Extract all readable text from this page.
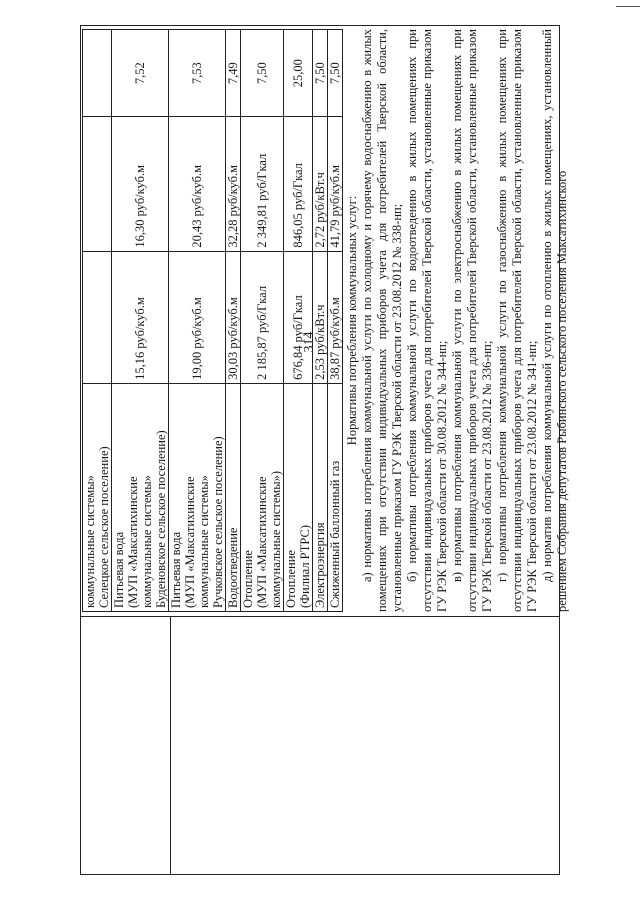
314
коммунальные системы»
Селецкое сельское поселение)			
Питьевая вода
(МУП «Максатихинские
коммунальные системы»
Буденовское сельское поселение)	15,16 руб/куб.м	16,30 руб/куб.м	7,52
Питьевая вода
(МУП «Максатихинские
коммунальные системы»
Ручковское сельское поселение)	19,00 руб/куб.м	20,43 руб/куб.м	7,53
Водоотведение	30,03 руб/куб.м	32,28 руб/куб.м	7,49
Отопление
(МУП «Максатихинские
коммунальные системы»)	2 185,87 руб/Гкал	2 349,81 руб/Гкал	7,50
Отопление
(Филиал РТРС)	676,84 руб/Гкал	846,05 руб/Гкал	25,00
Электроэнергия	2,53 руб/кВт.ч	2,72 руб/кВт.ч	7,50
Сжиженный баллонный газ	38,87 руб/куб.м	41,79 руб/куб.м	7,50
Нормативы потребления коммунальных услуг: а) нормативы потребления коммунальной услуги по холодному и горячему водоснабжению в жилых помещениях при отсутствии индивидуальных приборов учета для потребителей Тверской области, установленные приказом ГУ РЭК Тверской области от 23.08.2012 № 338-нп; б) нормативы потребления коммунальной услуги по водоотведению в жилых помещениях при отсутствии индивидуальных приборов учета для потребителей Тверской области, установленные приказом ГУ РЭК Тверской области от 30.08.2012 № 344-нп; в) нормативы потребления коммунальной услуги по электроснабжению в жилых помещениях при отсутствии индивидуальных приборов учета для потребителей Тверской области, установленные приказом ГУ РЭК Тверской области от 23.08.2012 № 336-нп; г) нормативы потребления коммунальной услуги по газоснабжению в жилых помещениях при отсутствии индивидуальных приборов учета для потребителей Тверской области, установленные приказом ГУ РЭК Тверской области от 23.08.2012 № 341-нп; д) норматив потребления коммунальной услуги по отоплению в жилых помещениях, установленный решением Собрания депутатов Рыбинского сельского поселения Максатихинского
